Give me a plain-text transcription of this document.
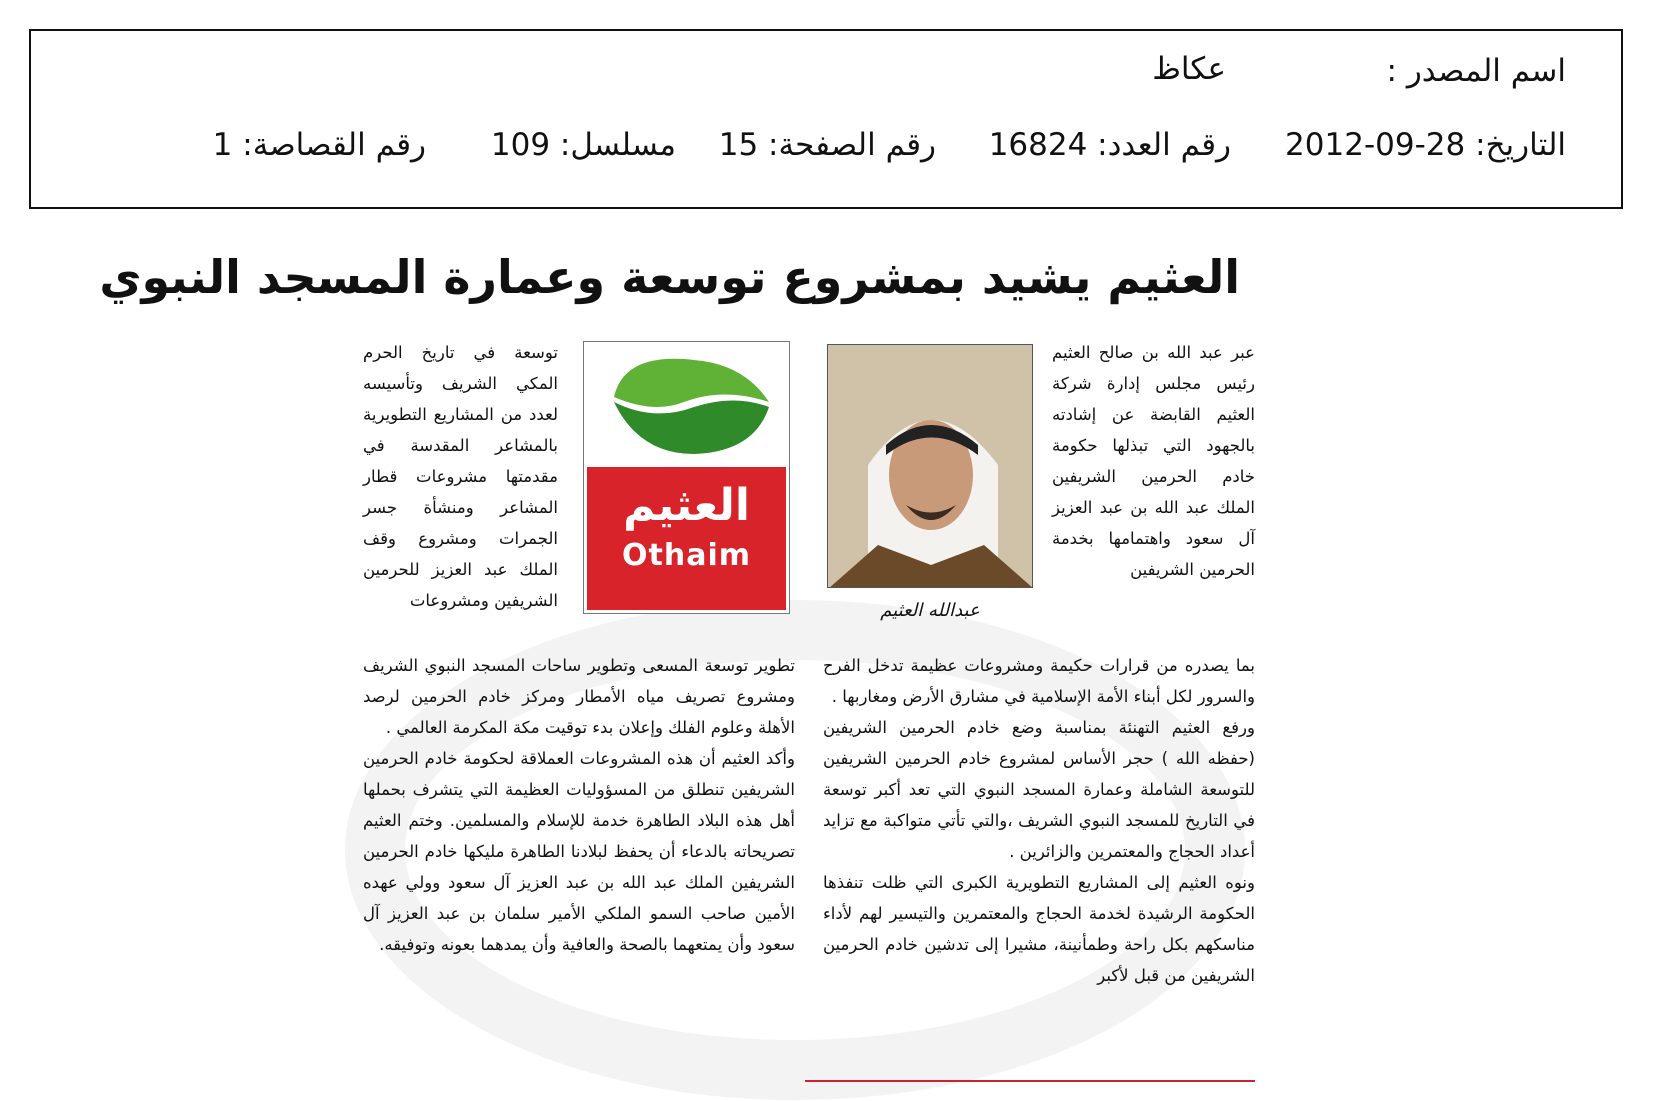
اسم المصدر :
عكاظ
التاريخ: 28-09-2012
رقم العدد: 16824
رقم الصفحة: 15
مسلسل: 109
رقم القصاصة: 1
العثيم يشيد بمشروع توسعة وعمارة المسجد النبوي

عبر عبد الله بن صالح العثيم رئيس مجلس إدارة شركة العثيم القابضة عن إشادته بالجهود التي تبذلها حكومة خادم الحرمين الشريفين الملك عبد الله بن عبد العزيز آل سعود واهتمامها بخدمة الحرمين الشريفين

عبدالله العثيم

توسعة في تاريخ الحرم المكي الشريف وتأسيسه لعدد من المشاريع التطويرية بالمشاعر المقدسة في مقدمتها مشروعات قطار المشاعر ومنشأة جسر الجمرات ومشروع وقف الملك عبد العزيز للحرمين الشريفين ومشروعات

العثيم
Othaim

بما يصدره من قرارات حكيمة ومشروعات عظيمة تدخل الفرح والسرور لكل أبناء الأمة الإسلامية في مشارق الأرض ومغاربها .

ورفع العثيم التهنئة بمناسبة وضع خادم الحرمين الشريفين (حفظه الله ) حجر الأساس لمشروع خادم الحرمين الشريفين للتوسعة الشاملة وعمارة المسجد النبوي التي تعد أكبر توسعة في التاريخ للمسجد النبوي الشريف ،والتي تأتي متواكبة مع تزايد أعداد الحجاج والمعتمرين والزائرين .

ونوه العثيم إلى المشاريع التطويرية الكبرى التي ظلت تنفذها الحكومة الرشيدة لخدمة الحجاج والمعتمرين والتيسير لهم لأداء مناسكهم بكل راحة وطمأنينة، مشيرا إلى تدشين خادم الحرمين الشريفين من قبل لأكبر

تطوير توسعة المسعى وتطوير ساحات المسجد النبوي الشريف ومشروع تصريف مياه الأمطار ومركز خادم الحرمين لرصد الأهلة وعلوم الفلك وإعلان بدء توقيت مكة المكرمة العالمي .

وأكد العثيم أن هذه المشروعات العملاقة لحكومة خادم الحرمين الشريفين تنطلق من المسؤوليات العظيمة التي يتشرف بحملها أهل هذه البلاد الطاهرة خدمة للإسلام والمسلمين. وختم العثيم تصريحاته بالدعاء أن يحفظ لبلادنا الطاهرة مليكها خادم الحرمين الشريفين الملك عبد الله بن عبد العزيز آل سعود وولي عهده الأمين صاحب السمو الملكي الأمير سلمان بن عبد العزيز آل سعود وأن يمتعهما بالصحة والعافية وأن يمدهما بعونه وتوفيقه.
